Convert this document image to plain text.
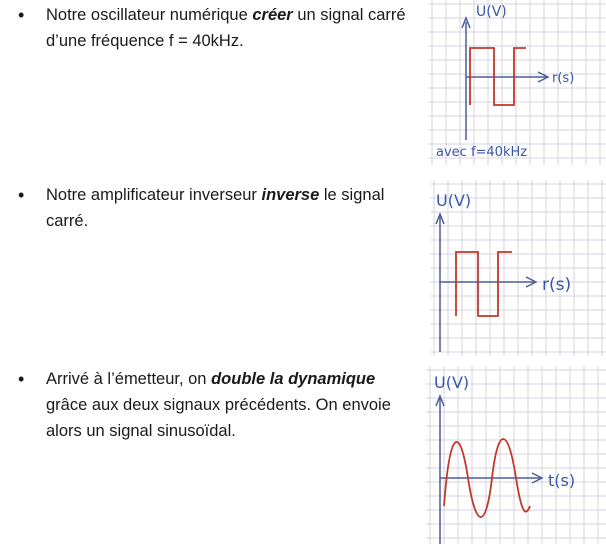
• Notre oscillateur numérique créer un signal carré d’une fréquence f = 40kHz.

• Notre amplificateur inverseur inverse le signal carré.

• Arrivé à l’émetteur, on double la dynamique grâce aux deux signaux précédents. On envoie alors un signal sinusoïdal.

U(V)
r(s)
avec f=40kHz
U(V)
r(s)
U(V)
t(s)
